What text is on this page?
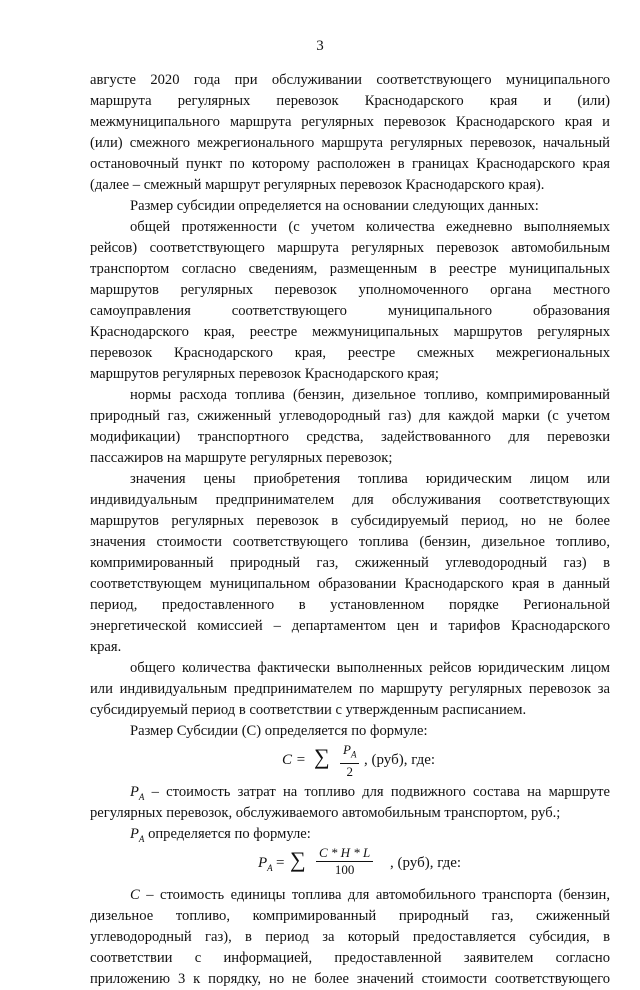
3
августе 2020 года при обслуживании соответствующего муниципального
маршрута регулярных перевозок Краснодарского края и (или)
межмуниципального маршрута регулярных перевозок Краснодарского края и
(или) смежного межрегионального маршрута регулярных перевозок, начальный
остановочный пункт по которому расположен в границах Краснодарского края
(далее – смежный маршрут регулярных перевозок Краснодарского края).
Размер субсидии определяется на основании следующих данных:
общей протяженности (с учетом количества ежедневно выполняемых
рейсов) соответствующего маршрута регулярных перевозок автомобильным
транспортом согласно сведениям, размещенным в реестре муниципальных
маршрутов регулярных перевозок уполномоченного органа местного
самоуправления соответствующего муниципального образования
Краснодарского края, реестре межмуниципальных маршрутов регулярных
перевозок Краснодарского края, реестре смежных межрегиональных
маршрутов регулярных перевозок Краснодарского края;
нормы расхода топлива (бензин, дизельное топливо, компримированный
природный газ, сжиженный углеводородный газ) для каждой марки (с учетом
модификации) транспортного средства, задействованного для перевозки
пассажиров на маршруте регулярных перевозок;
значения цены приобретения топлива юридическим лицом или
индивидуальным предпринимателем для обслуживания соответствующих
маршрутов регулярных перевозок в субсидируемый период, но не более
значения стоимости соответствующего топлива (бензин, дизельное топливо,
компримированный природный газ, сжиженный углеводородный газ) в
соответствующем муниципальном образовании Краснодарского края в данный
период, предоставленного в установленном порядке Региональной
энергетической комиссией – департаментом цен и тарифов Краснодарского
края.
общего количества фактически выполненных рейсов юридическим лицом
или индивидуальным предпринимателем по маршруту регулярных перевозок за
субсидируемый период в соответствии с утвержденным расписанием.
Размер Субсидии (С) определяется по формуле:
С = ∑ $\frac{P_A}{2}$ , (руб), где:
$P_A$ – стоимость затрат на топливо для подвижного состава на маршруте
регулярных перевозок, обслуживаемого автомобильным транспортом, руб.;
$P_A$ определяется по формуле:
$P_A$ = ∑ $\frac{C * H * L}{100}$ , (руб), где:
C – стоимость единицы топлива для автомобильного транспорта (бензин,
дизельное топливо, компримированный природный газ, сжиженный
углеводородный газ), в период за который предоставляется субсидия, в
соответствии с информацией, предоставленной заявителем согласно
приложению 3 к порядку, но не более значений стоимости соответствующего
